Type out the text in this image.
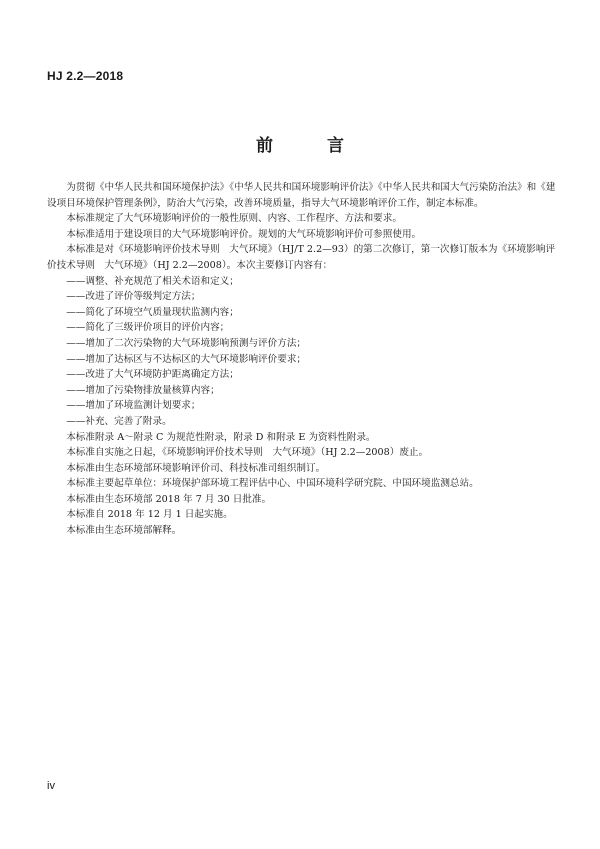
HJ 2.2—2018
前 言

为贯彻《中华人民共和国环境保护法》《中华人民共和国环境影响评价法》《中华人民共和国大气污染防治法》和《建设项目环境保护管理条例》，防治大气污染，改善环境质量，指导大气环境影响评价工作，制定本标准。

本标准规定了大气环境影响评价的一般性原则、内容、工作程序、方法和要求。

本标准适用于建设项目的大气环境影响评价。规划的大气环境影响评价可参照使用。

本标准是对《环境影响评价技术导则　大气环境》（HJ/T 2.2—93）的第二次修订，第一次修订版本为《环境影响评价技术导则　大气环境》（HJ 2.2—2008）。本次主要修订内容有：

——调整、补充规范了相关术语和定义；
——改进了评价等级判定方法；
——简化了环境空气质量现状监测内容；
——简化了三级评价项目的评价内容；
——增加了二次污染物的大气环境影响预测与评价方法；
——增加了达标区与不达标区的大气环境影响评价要求；
——改进了大气环境防护距离确定方法；
——增加了污染物排放量核算内容；
——增加了环境监测计划要求；
——补充、完善了附录。

本标准附录 A～附录 C 为规范性附录，附录 D 和附录 E 为资料性附录。

本标准自实施之日起，《环境影响评价技术导则　大气环境》（HJ 2.2—2008）废止。

本标准由生态环境部环境影响评价司、科技标准司组织制订。

本标准主要起草单位：环境保护部环境工程评估中心、中国环境科学研究院、中国环境监测总站。

本标准由生态环境部 2018 年 7 月 30 日批准。

本标准自 2018 年 12 月 1 日起实施。

本标准由生态环境部解释。

iv
